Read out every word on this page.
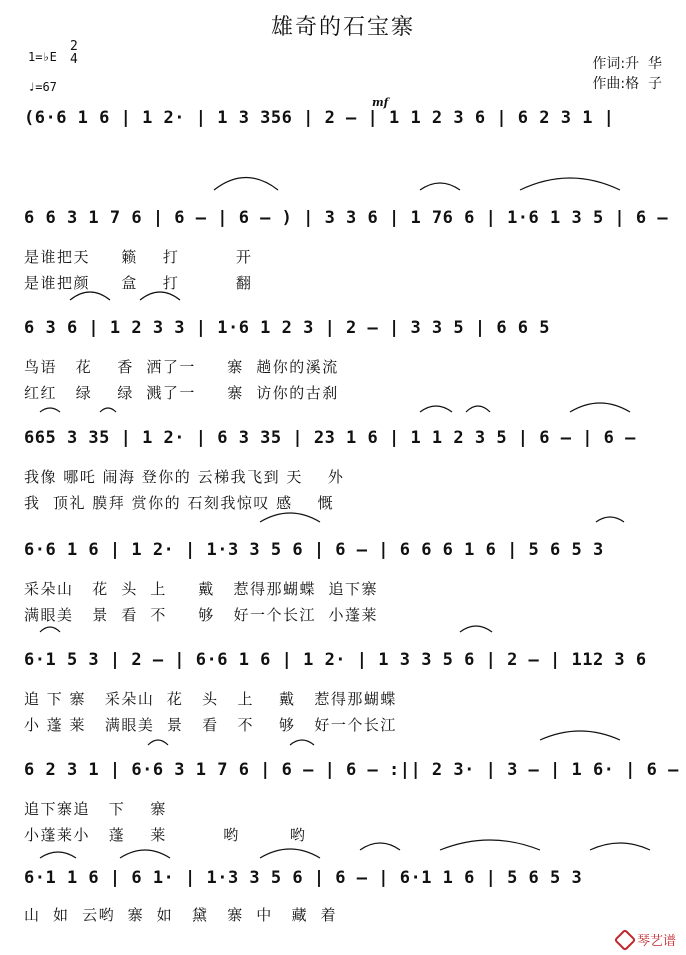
雄奇的石宝寨
1=♭E
2
4
♩=67
作词:升  华
作曲:格  子
mf
(6·6 1 6 | 1 2· | 1 3 356 | 2 – | 1 1 2 3 6 | 6 2 3 1 |
6 6 3 1 7 6 | 6 – | 6 – ) | 3 3 6 | 1 76 6 | 1·6 1 3 5 | 6 –
是谁把天     籁    打         开
是谁把颜     盒    打         翻
6 3 6 | 1 2 3 3 | 1·6 1 2 3 | 2 – | 3 3 5 | 6 6 5
鸟语   花    香  洒了一     寨  趟你的溪流
红红   绿    绿  溅了一     寨  访你的古刹
665 3 35 | 1 2· | 6 3 35 | 23 1 6 | 1 1 2 3 5 | 6 – | 6 –
我像 哪吒 闹海 登你的 云梯我飞到 天    外
我  顶礼 膜拜 赏你的 石刻我惊叹 感    慨
6·6 1 6 | 1 2· | 1·3 3 5 6 | 6 – | 6 6 6 1 6 | 5 6 5 3
采朵山   花  头  上     戴   惹得那蝴蝶  追下寨
满眼美   景  看  不     够   好一个长江  小蓬莱
6·1 5 3 | 2 – | 6·6 1 6 | 1 2· | 1 3 3 5 6 | 2 – | 112 3 6
追 下 寨   采朵山  花   头   上    戴   惹得那蝴蝶
小 蓬 莱   满眼美  景   看   不    够   好一个长江
6 2 3 1 | 6·6 3 1 7 6 | 6 – | 6 – :|| 2 3· | 3 – | 1 6· | 6 –
追下寨追   下    寨
小蓬莱小   蓬    莱         哟        哟
6·1 1 6 | 6 1· | 1·3 3 5 6 | 6 – | 6·1 1 6 | 5 6 5 3
山  如  云哟  寨  如   黛   寨  中   藏  着
琴艺谱
